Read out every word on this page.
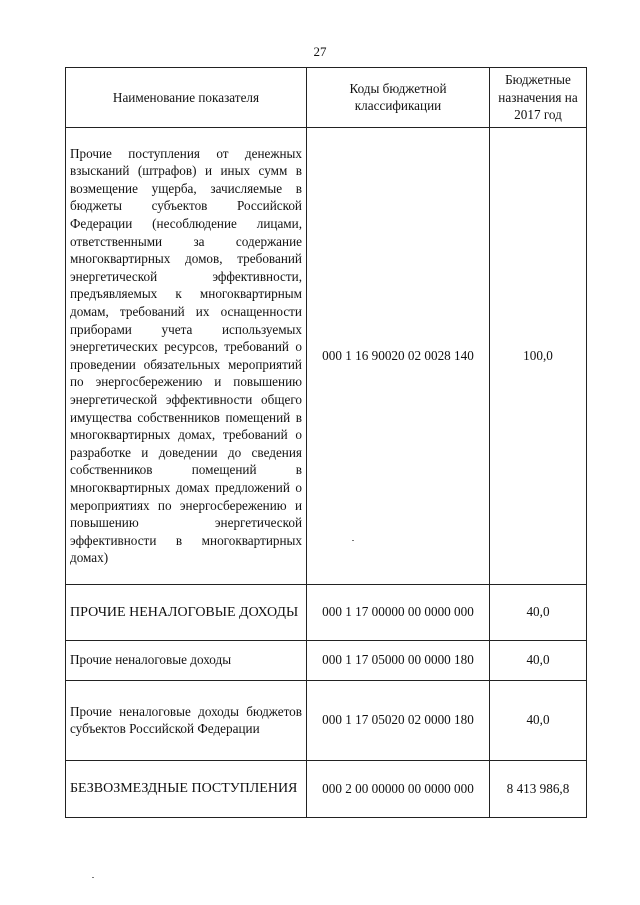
27
Наименование показателя	Коды бюджетной классификации	Бюджетные назначения на 2017 год
Прочие поступления от денежных взысканий (штрафов) и иных сумм в возмещение ущерба, зачисляемые в бюджеты субъектов Российской Федерации (несоблюдение лицами, ответственными за содержание многоквартирных домов, требований энергетической эффективности, предъявляемых к многоквартирным домам, требований их оснащенности приборами учета используемых энергетических ресурсов, требований о проведении обязательных мероприятий по энергосбережению и повышению энергетической эффективности общего имущества собственников помещений в многоквартирных домах, требований о разработке и доведении до сведения собственников помещений в многоквартирных домах предложений о мероприятиях по энергосбережению и повышению энергетической эффективности в многоквартирных домах)	000 1 16 90020 02 0028 140	100,0
ПРОЧИЕ НЕНАЛОГОВЫЕ ДОХОДЫ	000 1 17 00000 00 0000 000	40,0
Прочие неналоговые доходы	000 1 17 05000 00 0000 180	40,0
Прочие неналоговые доходы бюджетов субъектов Российской Федерации	000 1 17 05020 02 0000 180	40,0
БЕЗВОЗМЕЗДНЫЕ ПОСТУПЛЕНИЯ	000 2 00 00000 00 0000 000	8 413 986,8
